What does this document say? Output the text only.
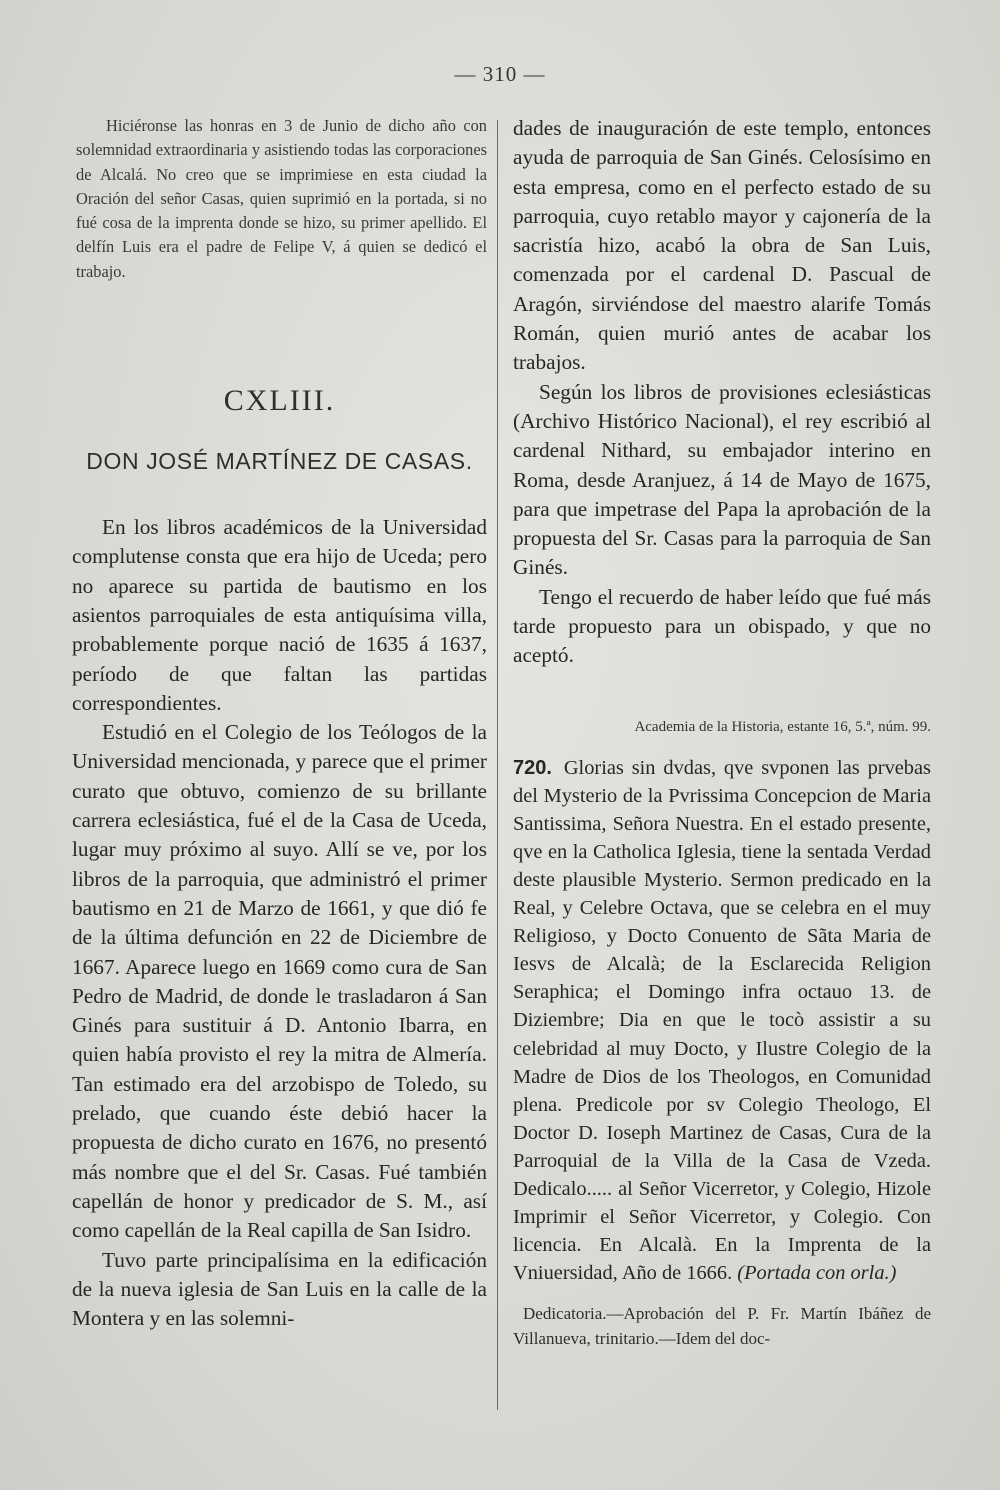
— 310 —

Hiciéronse las honras en 3 de Junio de dicho año con solemnidad extraordinaria y asistiendo todas las corporaciones de Alcalá. No creo que se imprimiese en esta ciudad la Oración del señor Casas, quien suprimió en la portada, si no fué cosa de la imprenta donde se hizo, su primer apellido. El delfín Luis era el padre de Felipe V, á quien se dedicó el trabajo.

CXLIII.
DON JOSÉ MARTÍNEZ DE CASAS.

En los libros académicos de la Universidad complutense consta que era hijo de Uceda; pero no aparece su partida de bautismo en los asientos parroquiales de esta antiquísima villa, probablemente porque nació de 1635 á 1637, período de que faltan las partidas correspondientes.

Estudió en el Colegio de los Teólogos de la Universidad mencionada, y parece que el primer curato que obtuvo, comienzo de su brillante carrera eclesiástica, fué el de la Casa de Uceda, lugar muy próximo al suyo. Allí se ve, por los libros de la parroquia, que administró el primer bautismo en 21 de Marzo de 1661, y que dió fe de la última defunción en 22 de Diciembre de 1667. Aparece luego en 1669 como cura de San Pedro de Madrid, de donde le trasladaron á San Ginés para sustituir á D. Antonio Ibarra, en quien había provisto el rey la mitra de Almería. Tan estimado era del arzobispo de Toledo, su prelado, que cuando éste debió hacer la propuesta de dicho curato en 1676, no presentó más nombre que el del Sr. Casas. Fué también capellán de honor y predicador de S. M., así como capellán de la Real capilla de San Isidro.

Tuvo parte principalísima en la edificación de la nueva iglesia de San Luis en la calle de la Montera y en las solemni-

dades de inauguración de este templo, entonces ayuda de parroquia de San Ginés. Celosísimo en esta empresa, como en el perfecto estado de su parroquia, cuyo retablo mayor y cajonería de la sacristía hizo, acabó la obra de San Luis, comenzada por el cardenal D. Pascual de Aragón, sirviéndose del maestro alarife Tomás Román, quien murió antes de acabar los trabajos.

Según los libros de provisiones eclesiásticas (Archivo Histórico Nacional), el rey escribió al cardenal Nithard, su embajador interino en Roma, desde Aranjuez, á 14 de Mayo de 1675, para que impetrase del Papa la aprobación de la propuesta del Sr. Casas para la parroquia de San Ginés.

Tengo el recuerdo de haber leído que fué más tarde propuesto para un obispado, y que no aceptó.

Academia de la Historia, estante 16, 5.ª, núm. 99.

720. Glorias sin dvdas, qve svponen las prvebas del Mysterio de la Pvrissima Concepcion de Maria Santissima, Señora Nuestra. En el estado presente, qve en la Catholica Iglesia, tiene la sentada Verdad deste plausible Mysterio. Sermon predicado en la Real, y Celebre Octava, que se celebra en el muy Religioso, y Docto Conuento de Sãta Maria de Iesvs de Alcalà; de la Esclarecida Religion Seraphica; el Domingo infra octauo 13. de Diziembre; Dia en que le tocò assistir a su celebridad al muy Docto, y Ilustre Colegio de la Madre de Dios de los Theologos, en Comunidad plena. Predicole por sv Colegio Theologo, El Doctor D. Ioseph Martinez de Casas, Cura de la Parroquial de la Villa de la Casa de Vzeda. Dedicalo..... al Señor Vicerretor, y Colegio, Hizole Imprimir el Señor Vicerretor, y Colegio. Con licencia. En Alcalà. En la Imprenta de la Vniuersidad, Año de 1666. (Portada con orla.)

Dedicatoria.—Aprobación del P. Fr. Martín Ibáñez de Villanueva, trinitario.—Idem del doc-
